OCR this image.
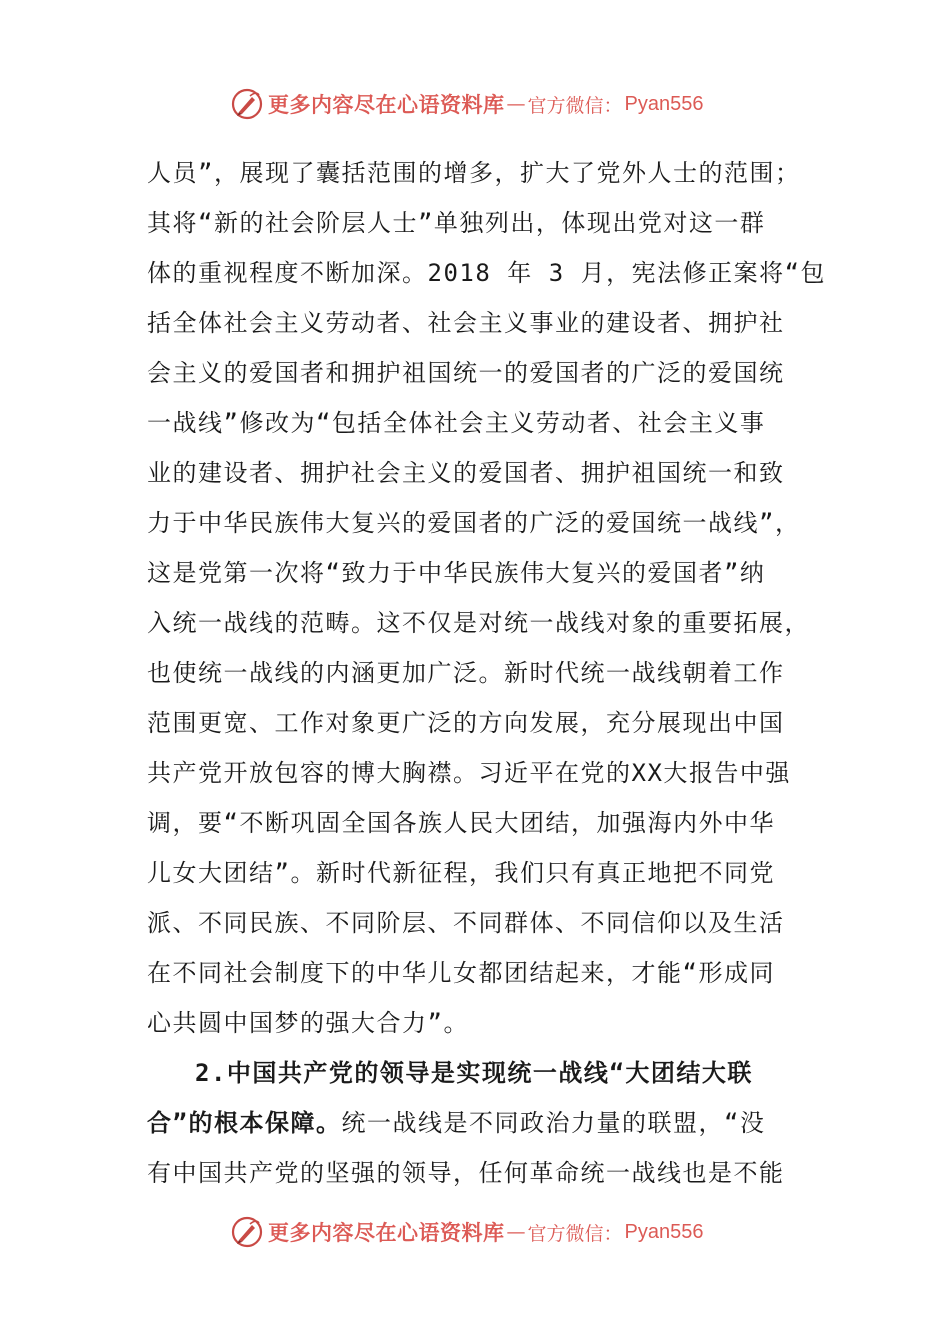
更多内容尽在心语资料库 — 官方微信： Pyan556
人员”，展现了囊括范围的增多，扩大了党外人士的范围；
其将“新的社会阶层人士”单独列出，体现出党对这一群
体的重视程度不断加深。2018 年 3 月，宪法修正案将“包
括全体社会主义劳动者、社会主义事业的建设者、拥护社
会主义的爱国者和拥护祖国统一的爱国者的广泛的爱国统
一战线”修改为“包括全体社会主义劳动者、社会主义事
业的建设者、拥护社会主义的爱国者、拥护祖国统一和致
力于中华民族伟大复兴的爱国者的广泛的爱国统一战线”，
这是党第一次将“致力于中华民族伟大复兴的爱国者”纳
入统一战线的范畴。这不仅是对统一战线对象的重要拓展，
也使统一战线的内涵更加广泛。新时代统一战线朝着工作
范围更宽、工作对象更广泛的方向发展，充分展现出中国
共产党开放包容的博大胸襟。习近平在党的XX大报告中强
调，要“不断巩固全国各族人民大团结，加强海内外中华
儿女大团结”。新时代新征程，我们只有真正地把不同党
派、不同民族、不同阶层、不同群体、不同信仰以及生活
在不同社会制度下的中华儿女都团结起来，才能“形成同
心共圆中国梦的强大合力”。
2.中国共产党的领导是实现统一战线“大团结大联
合”的根本保障。统一战线是不同政治力量的联盟，“没
有中国共产党的坚强的领导，任何革命统一战线也是不能
更多内容尽在心语资料库 — 官方微信： Pyan556
